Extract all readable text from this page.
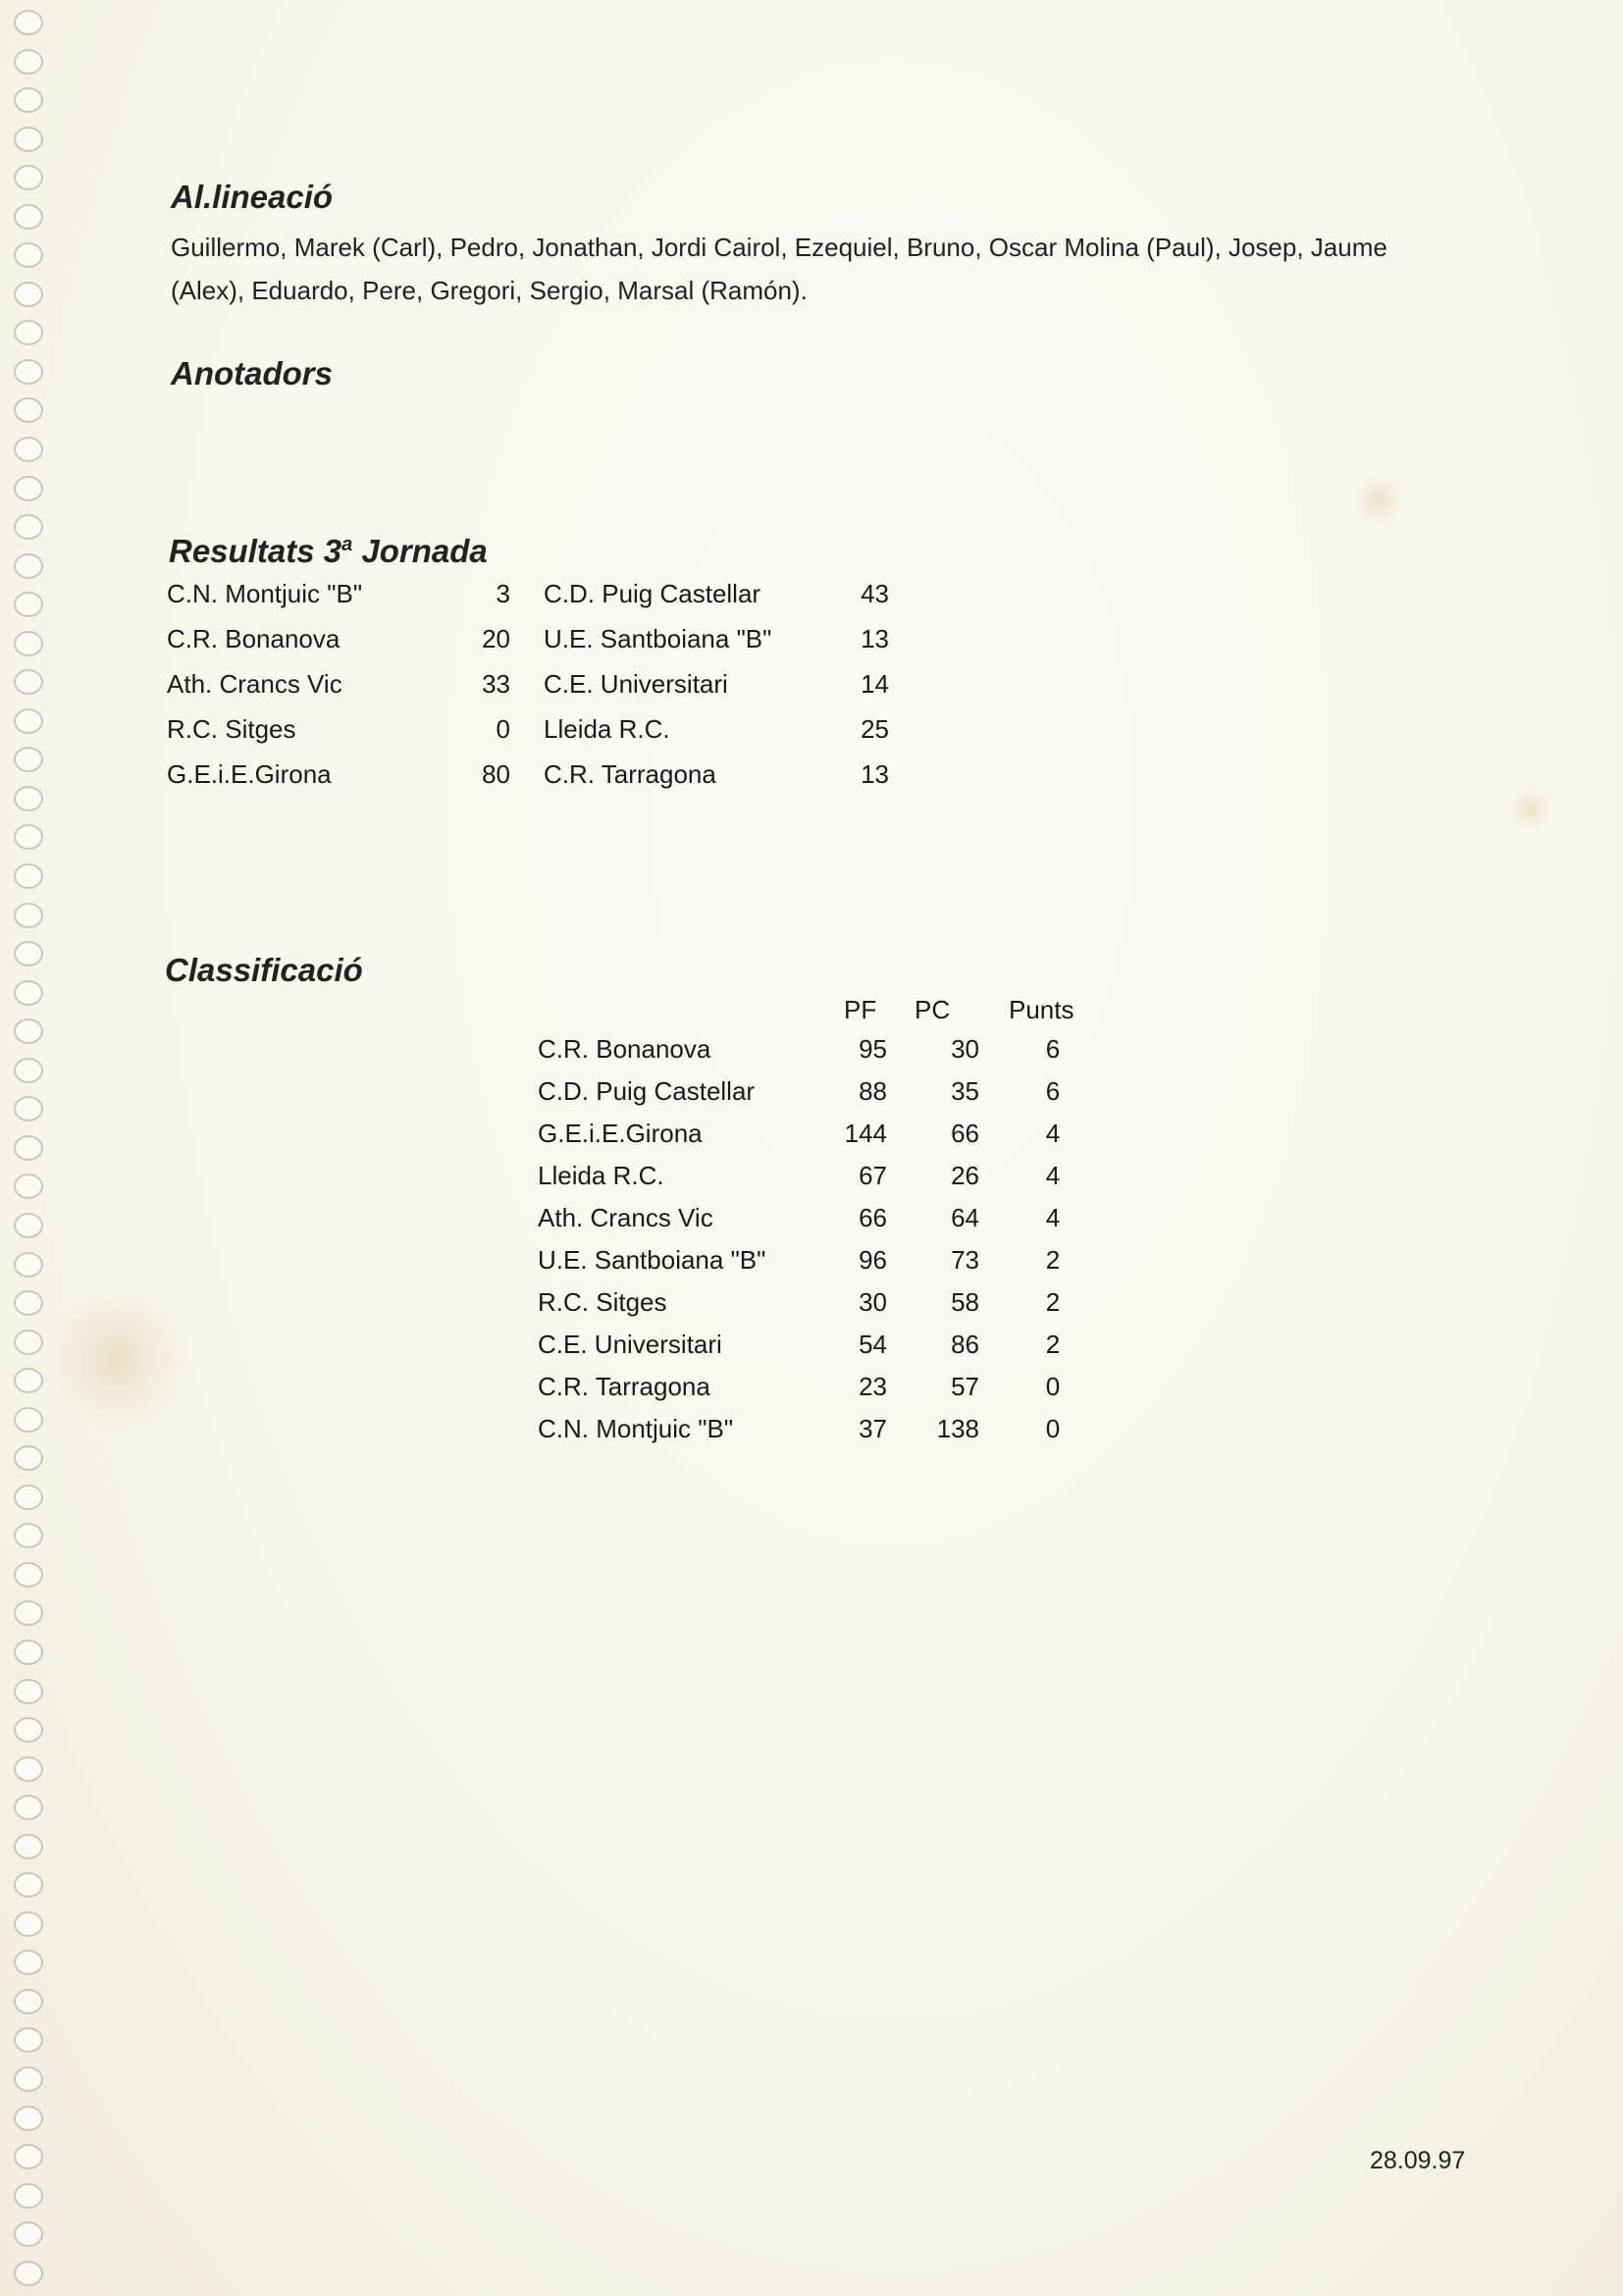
Al.lineació
Guillermo, Marek (Carl), Pedro, Jonathan, Jordi Cairol, Ezequiel, Bruno, Oscar Molina (Paul), Josep, Jaume (Alex), Eduardo, Pere, Gregori, Sergio, Marsal (Ramón).
Anotadors
Resultats 3$^a$ Jornada
C.N. Montjuic "B"	3 C.D. Puig Castellar	43
C.R. Bonanova	20 U.E. Santboiana "B"	13
Ath. Crancs Vic	33 C.E. Universitari	14
R.C. Sitges	0 Lleida R.C.	25
G.E.i.E.Girona	80 C.R. Tarragona	13
Classificació
PF PC Punts
C.R. Bonanova	95	30	6
C.D. Puig Castellar	88	35	6
G.E.i.E.Girona	144	66	4
Lleida R.C.	67	26	4
Ath. Crancs Vic	66	64	4
U.E. Santboiana "B"	96	73	2
R.C. Sitges	30	58	2
C.E. Universitari	54	86	2
C.R. Tarragona	23	57	0
C.N. Montjuic "B"	37	138	0
28.09.97
